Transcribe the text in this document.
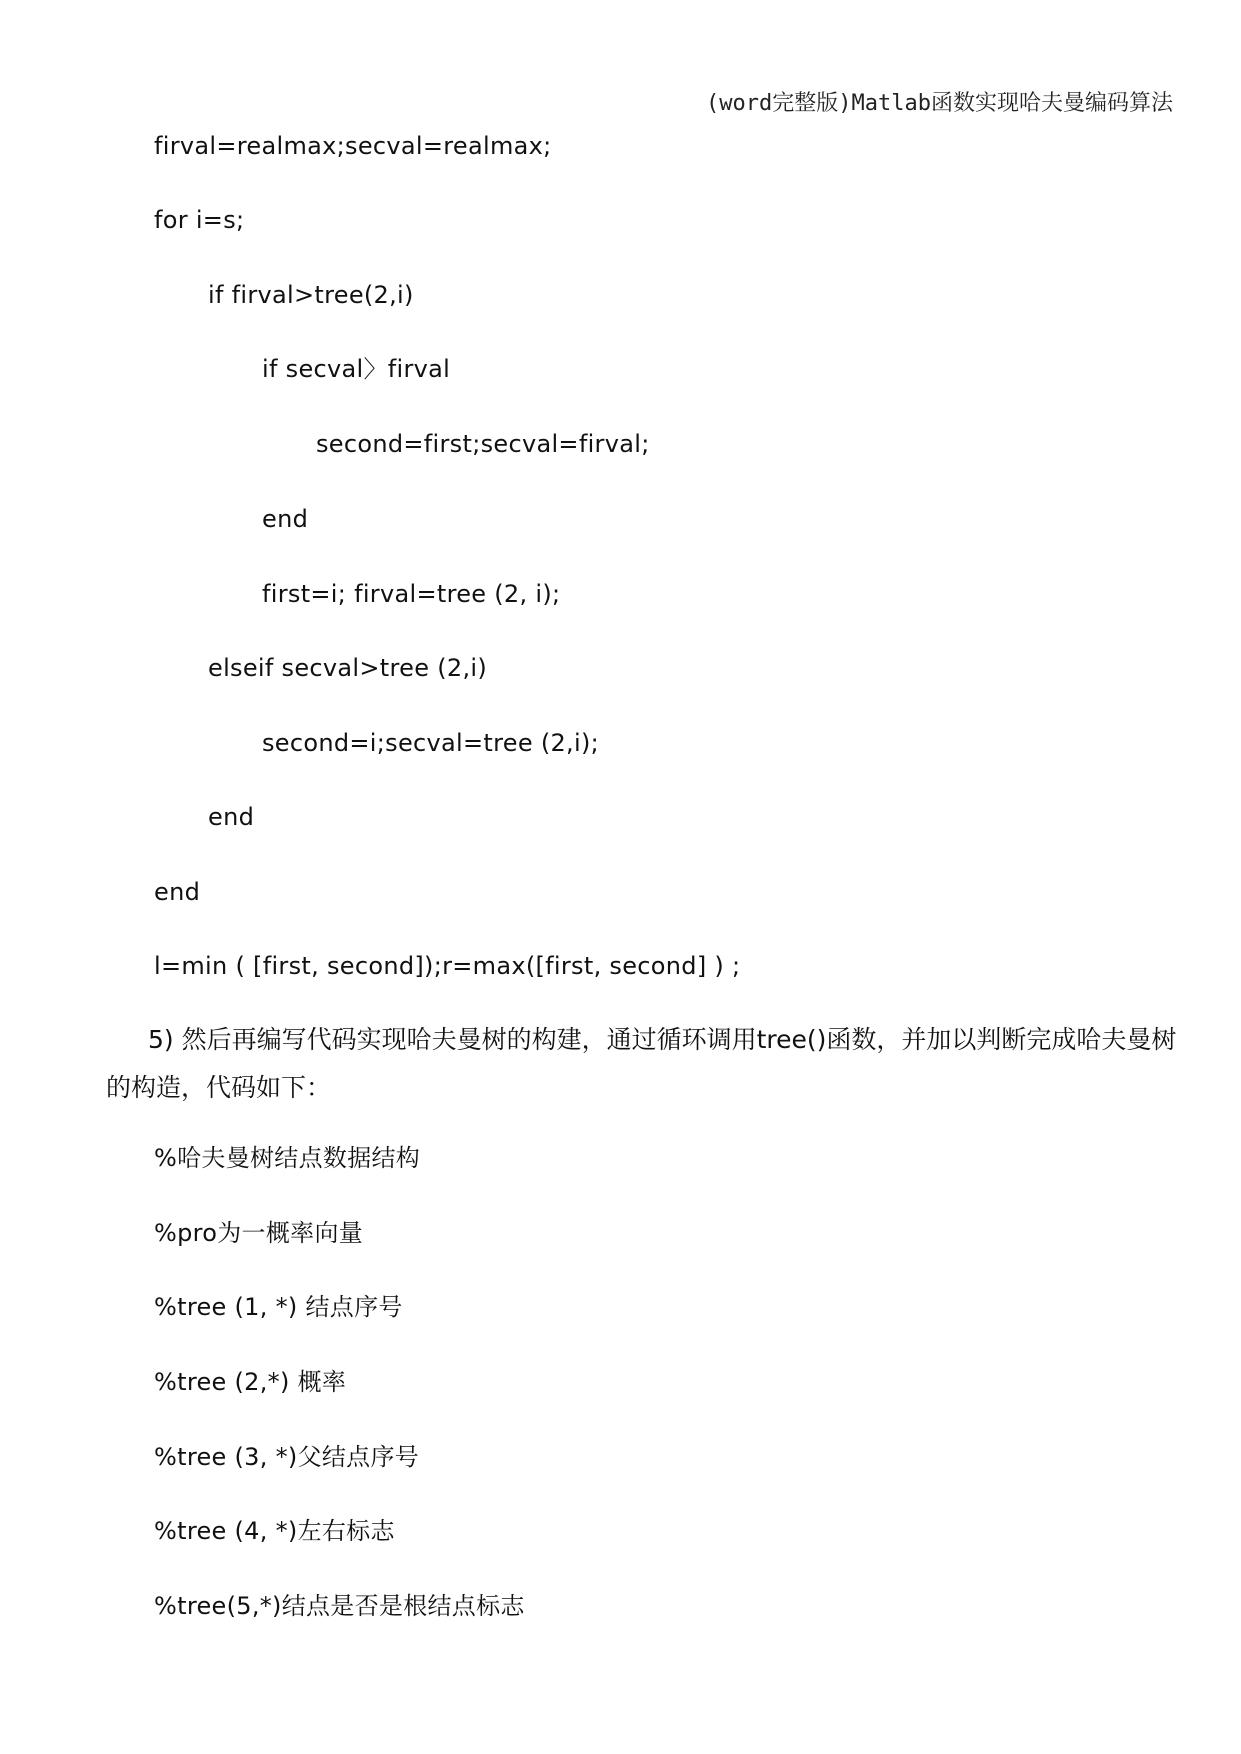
(word完整版)Matlab函数实现哈夫曼编码算法
firval=realmax;secval=realmax;
for i=s;
if firval>tree(2,i)
if secval〉firval
second=first;secval=firval;
end
first=i; firval=tree (2, i);
elseif secval>tree (2,i)
second=i;secval=tree (2,i);
end
end
l=min ( [first, second]);r=max([first, second] ) ;
5) 然后再编写代码实现哈夫曼树的构建，通过循环调用tree()函数，并加以判断完成哈夫曼树的构造，代码如下：
%哈夫曼树结点数据结构
%pro为一概率向量
%tree (1, *) 结点序号
%tree (2,*) 概率
%tree (3, *)父结点序号
%tree (4, *)左右标志
%tree(5,*)结点是否是根结点标志
